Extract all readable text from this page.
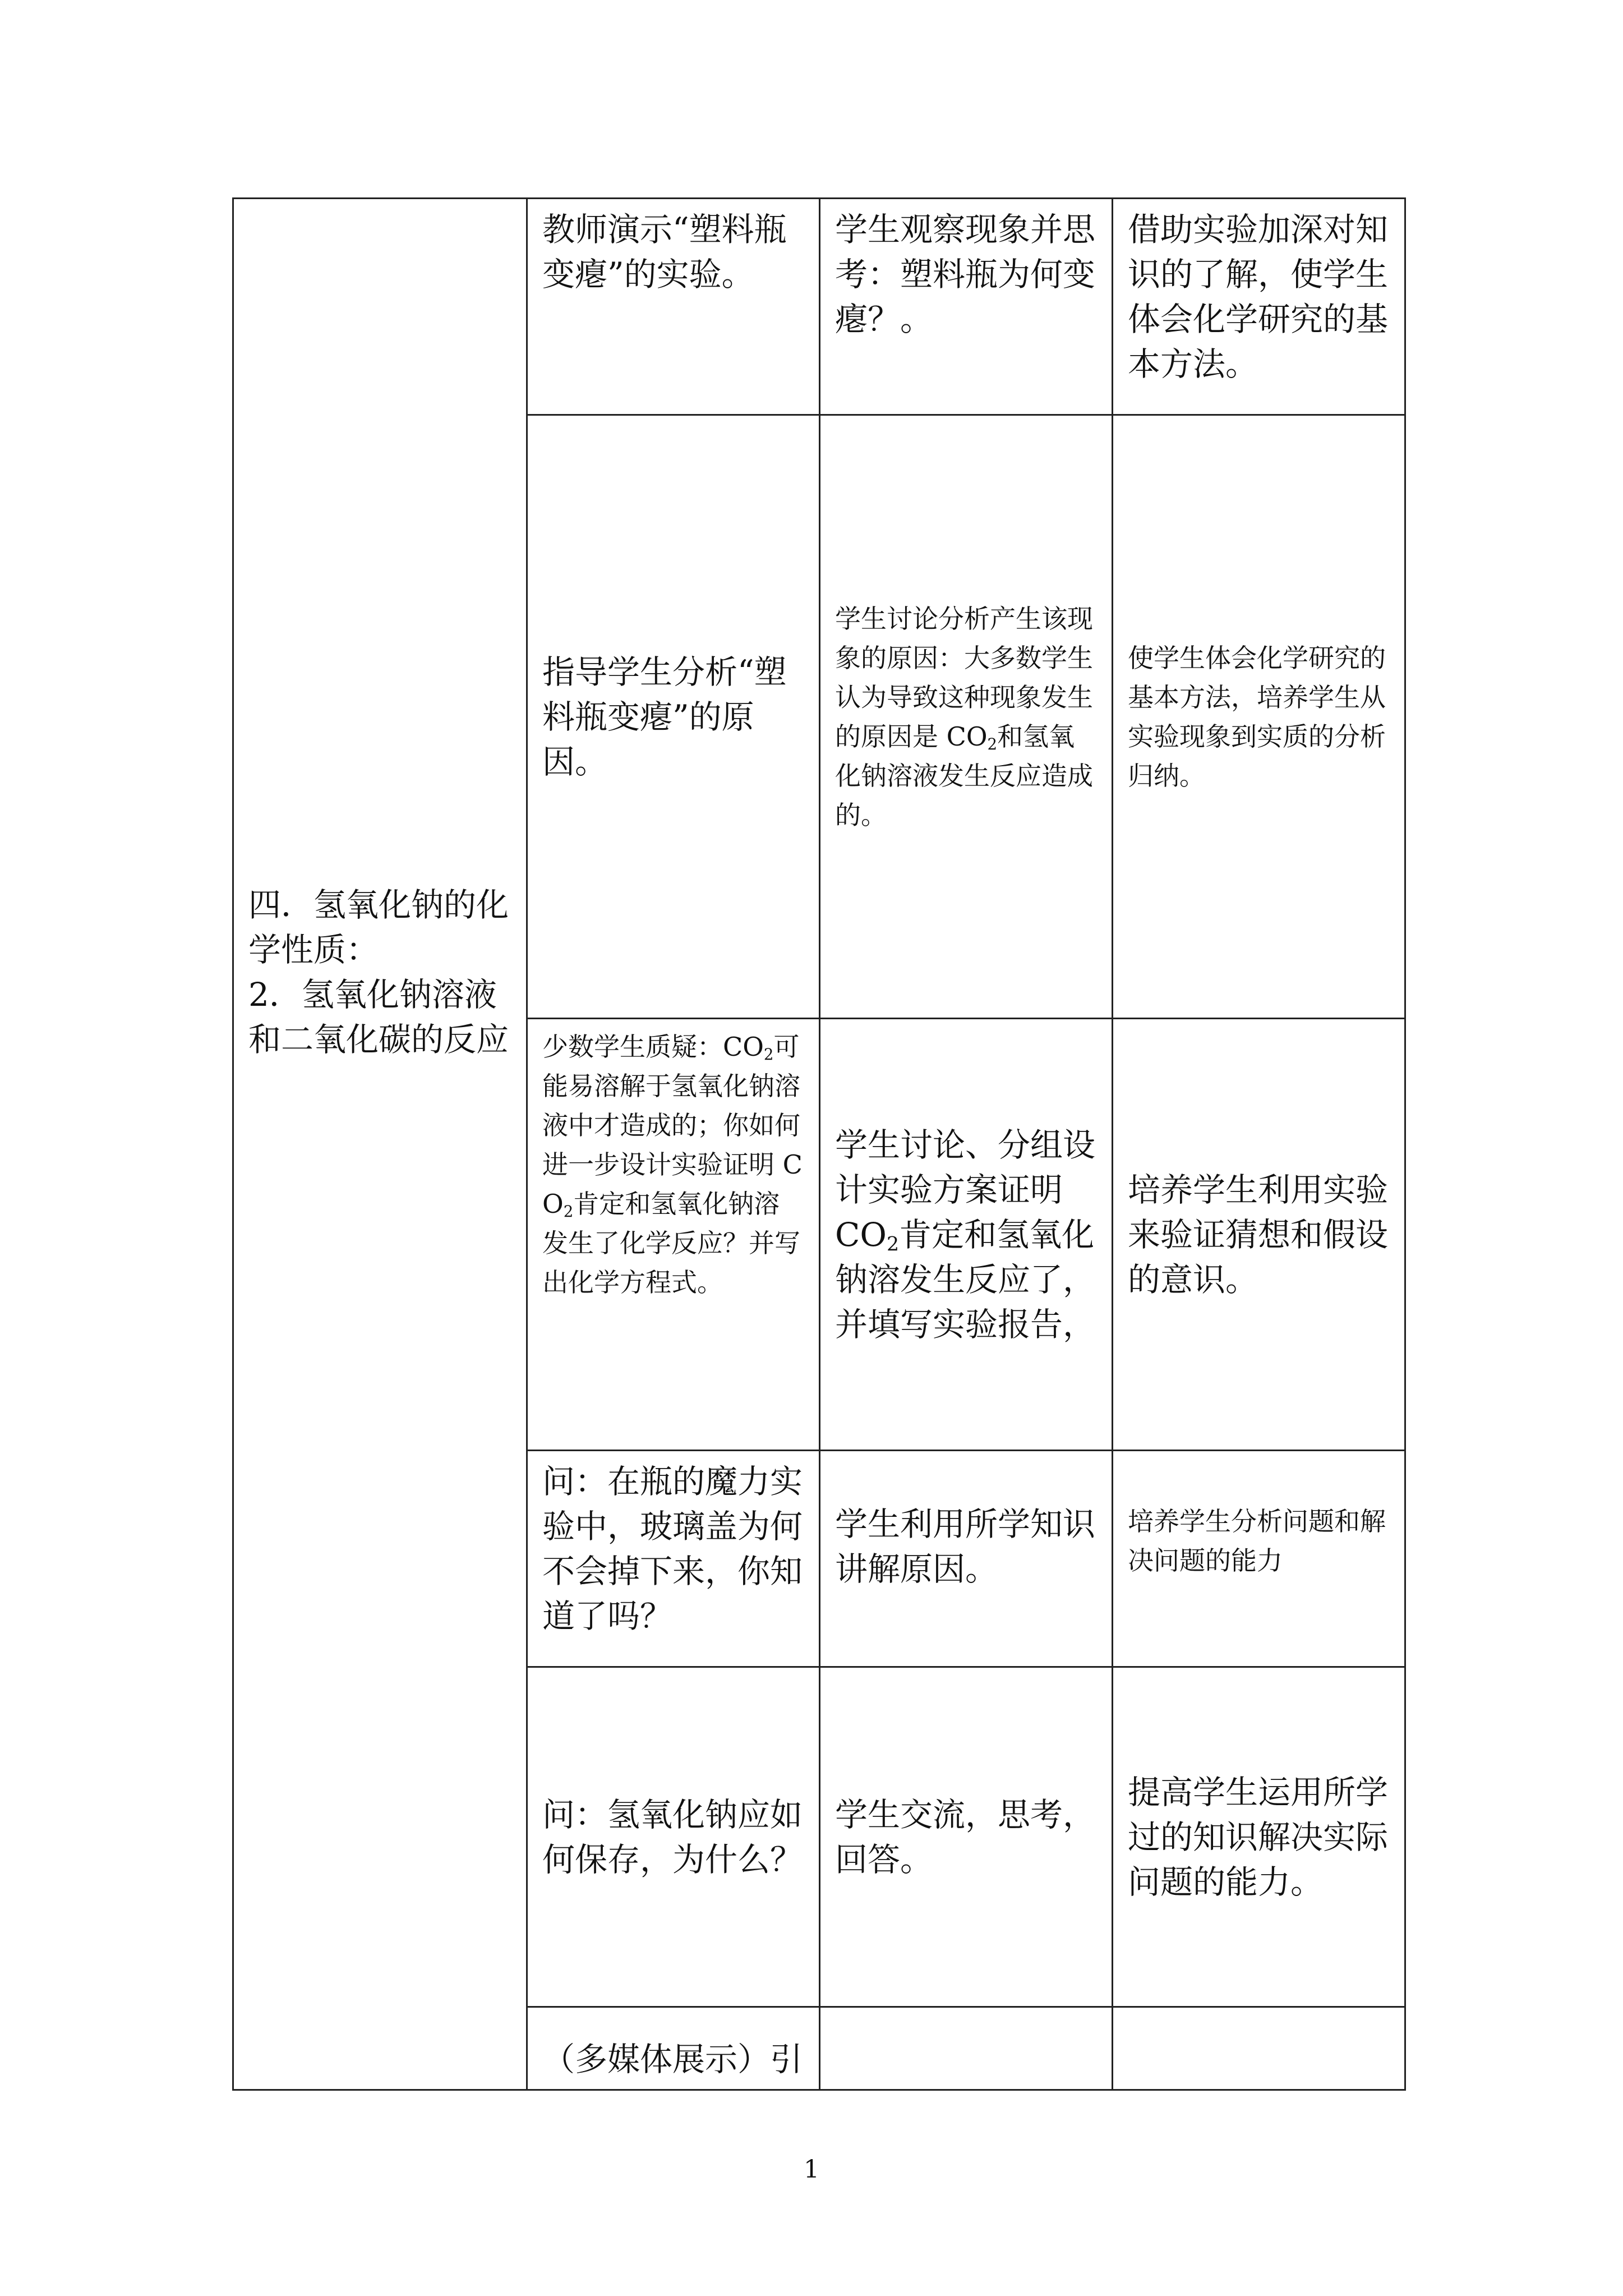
四．氢氧化钠的化学性质：
2．氢氧化钠溶液和二氧化碳的反应	教师演示“塑料瓶变瘪”的实验。	学生观察现象并思考：塑料瓶为何变瘪？。	借助实验加深对知识的了解，使学生体会化学研究的基本方法。
	指导学生分析“塑料瓶变瘪”的原因。	学生讨论分析产生该现象的原因：大多数学生认为导致这种现象发生的原因是 $CO_2$和氢氧化钠溶液发生反应造成的。	使学生体会化学研究的基本方法，培养学生从实验现象到实质的分析归纳。
	少数学生质疑：$CO_2$可能易溶解于氢氧化钠溶液中才造成的；你如何进一步设计实验证明 $CO_2$肯定和氢氧化钠溶发生了化学反应？并写出化学方程式。	学生讨论、分组设计实验方案证明 $CO_2$肯定和氢氧化钠溶发生反应了，并填写实验报告，	培养学生利用实验来验证猜想和假设的意识。
	问：在瓶的魔力实验中，玻璃盖为何不会掉下来，你知道了吗？	学生利用所学知识讲解原因。	培养学生分析问题和解决问题的能力
	问：氢氧化钠应如何保存，为什么？	学生交流，思考，回答。	提高学生运用所学过的知识解决实际问题的能力。
	（多媒体展示）引		
1
